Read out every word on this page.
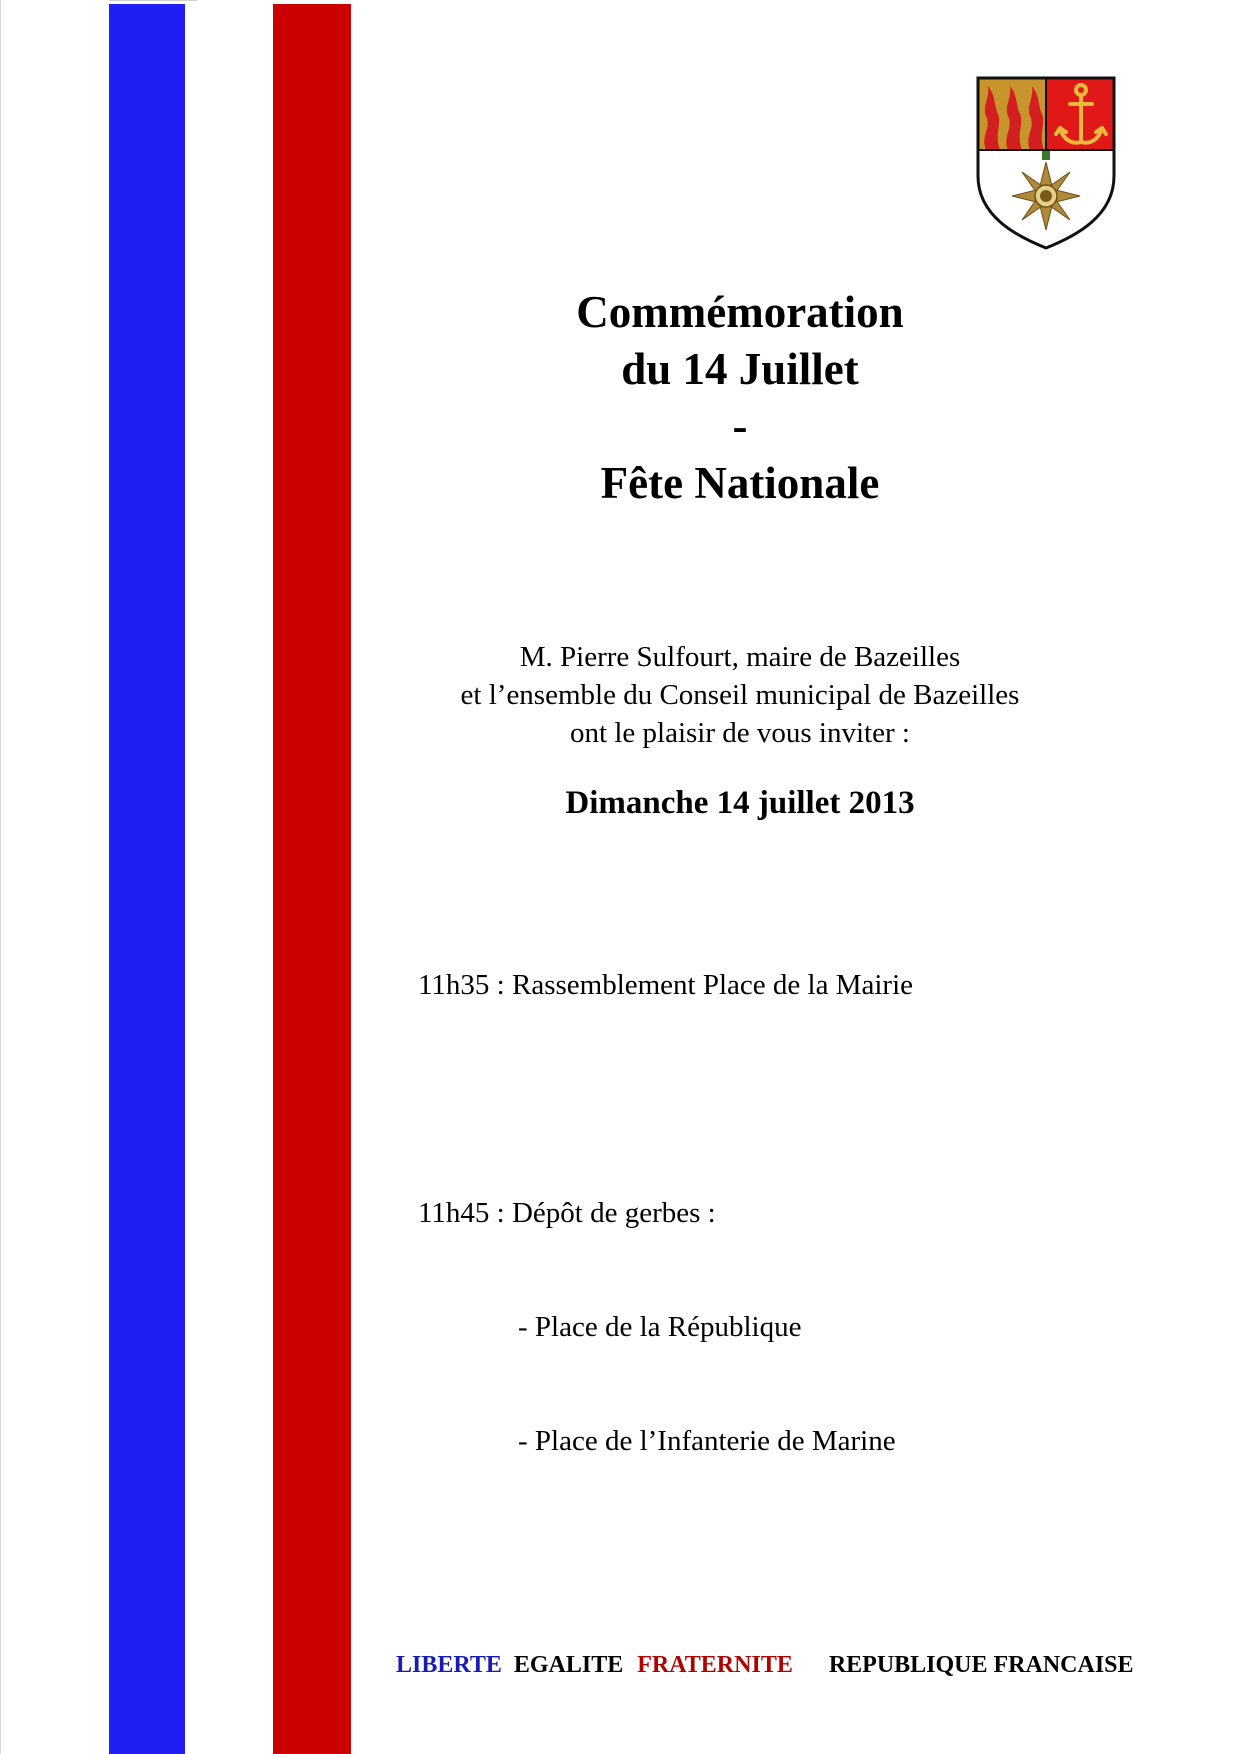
Commémoration
du 14 Juillet
-
Fête Nationale
M. Pierre Sulfourt, maire de Bazeilles
et l’ensemble du Conseil municipal de Bazeilles
ont le plaisir de vous inviter :
Dimanche 14 juillet 2013

11h35 : Rassemblement Place de la Mairie

11h45 : Dépôt de gerbes :

- Place de la République

- Place de l’Infanterie de Marine

LIBERTE EGALITE FRATERNITE REPUBLIQUE FRANCAISE
